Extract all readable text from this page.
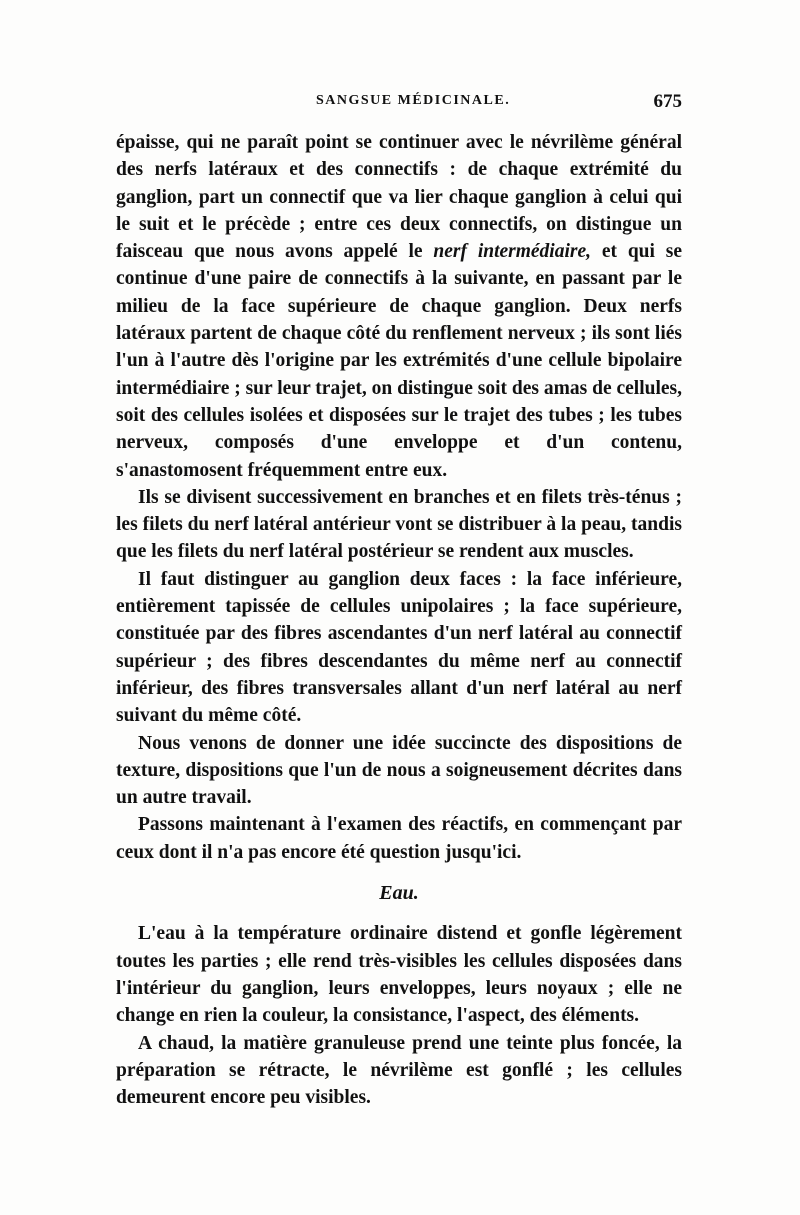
SANGSUE MÉDICINALE.	675

épaisse, qui ne paraît point se continuer avec le névrilème général des nerfs latéraux et des connectifs : de chaque extrémité du ganglion, part un connectif que va lier chaque ganglion à celui qui le suit et le précède ; entre ces deux connectifs, on distingue un faisceau que nous avons appelé le nerf intermédiaire, et qui se continue d'une paire de connectifs à la suivante, en passant par le milieu de la face supérieure de chaque ganglion. Deux nerfs latéraux partent de chaque côté du renflement nerveux ; ils sont liés l'un à l'autre dès l'origine par les extrémités d'une cellule bipolaire intermédiaire ; sur leur trajet, on distingue soit des amas de cellules, soit des cellules isolées et disposées sur le trajet des tubes ; les tubes nerveux, composés d'une enveloppe et d'un contenu, s'anastomosent fréquemment entre eux.

Ils se divisent successivement en branches et en filets très-ténus ; les filets du nerf latéral antérieur vont se distribuer à la peau, tandis que les filets du nerf latéral postérieur se rendent aux muscles.

Il faut distinguer au ganglion deux faces : la face inférieure, entièrement tapissée de cellules unipolaires ; la face supérieure, constituée par des fibres ascendantes d'un nerf latéral au connectif supérieur ; des fibres descendantes du même nerf au connectif inférieur, des fibres transversales allant d'un nerf latéral au nerf suivant du même côté.

Nous venons de donner une idée succincte des dispositions de texture, dispositions que l'un de nous a soigneusement décrites dans un autre travail.

Passons maintenant à l'examen des réactifs, en commençant par ceux dont il n'a pas encore été question jusqu'ici.

Eau.

L'eau à la température ordinaire distend et gonfle légèrement toutes les parties ; elle rend très-visibles les cellules disposées dans l'intérieur du ganglion, leurs enveloppes, leurs noyaux ; elle ne change en rien la couleur, la consistance, l'aspect, des éléments.

A chaud, la matière granuleuse prend une teinte plus foncée, la préparation se rétracte, le névrilème est gonflé ; les cellules demeurent encore peu visibles.
